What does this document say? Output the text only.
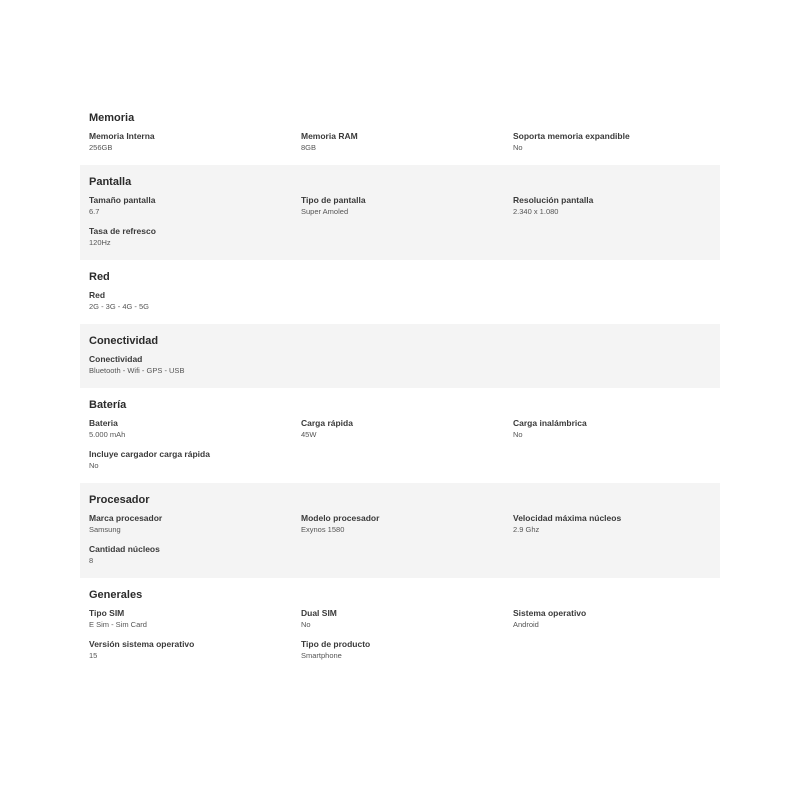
Memoria
Memoria Interna
256GB
Memoria RAM
8GB
Soporta memoria expandible
No
Pantalla
Tamaño pantalla
6.7
Tipo de pantalla
Super Amoled
Resolución pantalla
2.340 x 1.080
Tasa de refresco
120Hz
Red
Red
2G - 3G - 4G - 5G
Conectividad
Conectividad
Bluetooth - Wifi - GPS - USB
Batería
Bateria
5.000 mAh
Carga rápida
45W
Carga inalámbrica
No
Incluye cargador carga rápida
No
Procesador
Marca procesador
Samsung
Modelo procesador
Exynos 1580
Velocidad máxima núcleos
2.9 Ghz
Cantidad núcleos
8
Generales
Tipo SIM
E Sim - Sim Card
Dual SIM
No
Sistema operativo
Android
Versión sistema operativo
15
Tipo de producto
Smartphone
